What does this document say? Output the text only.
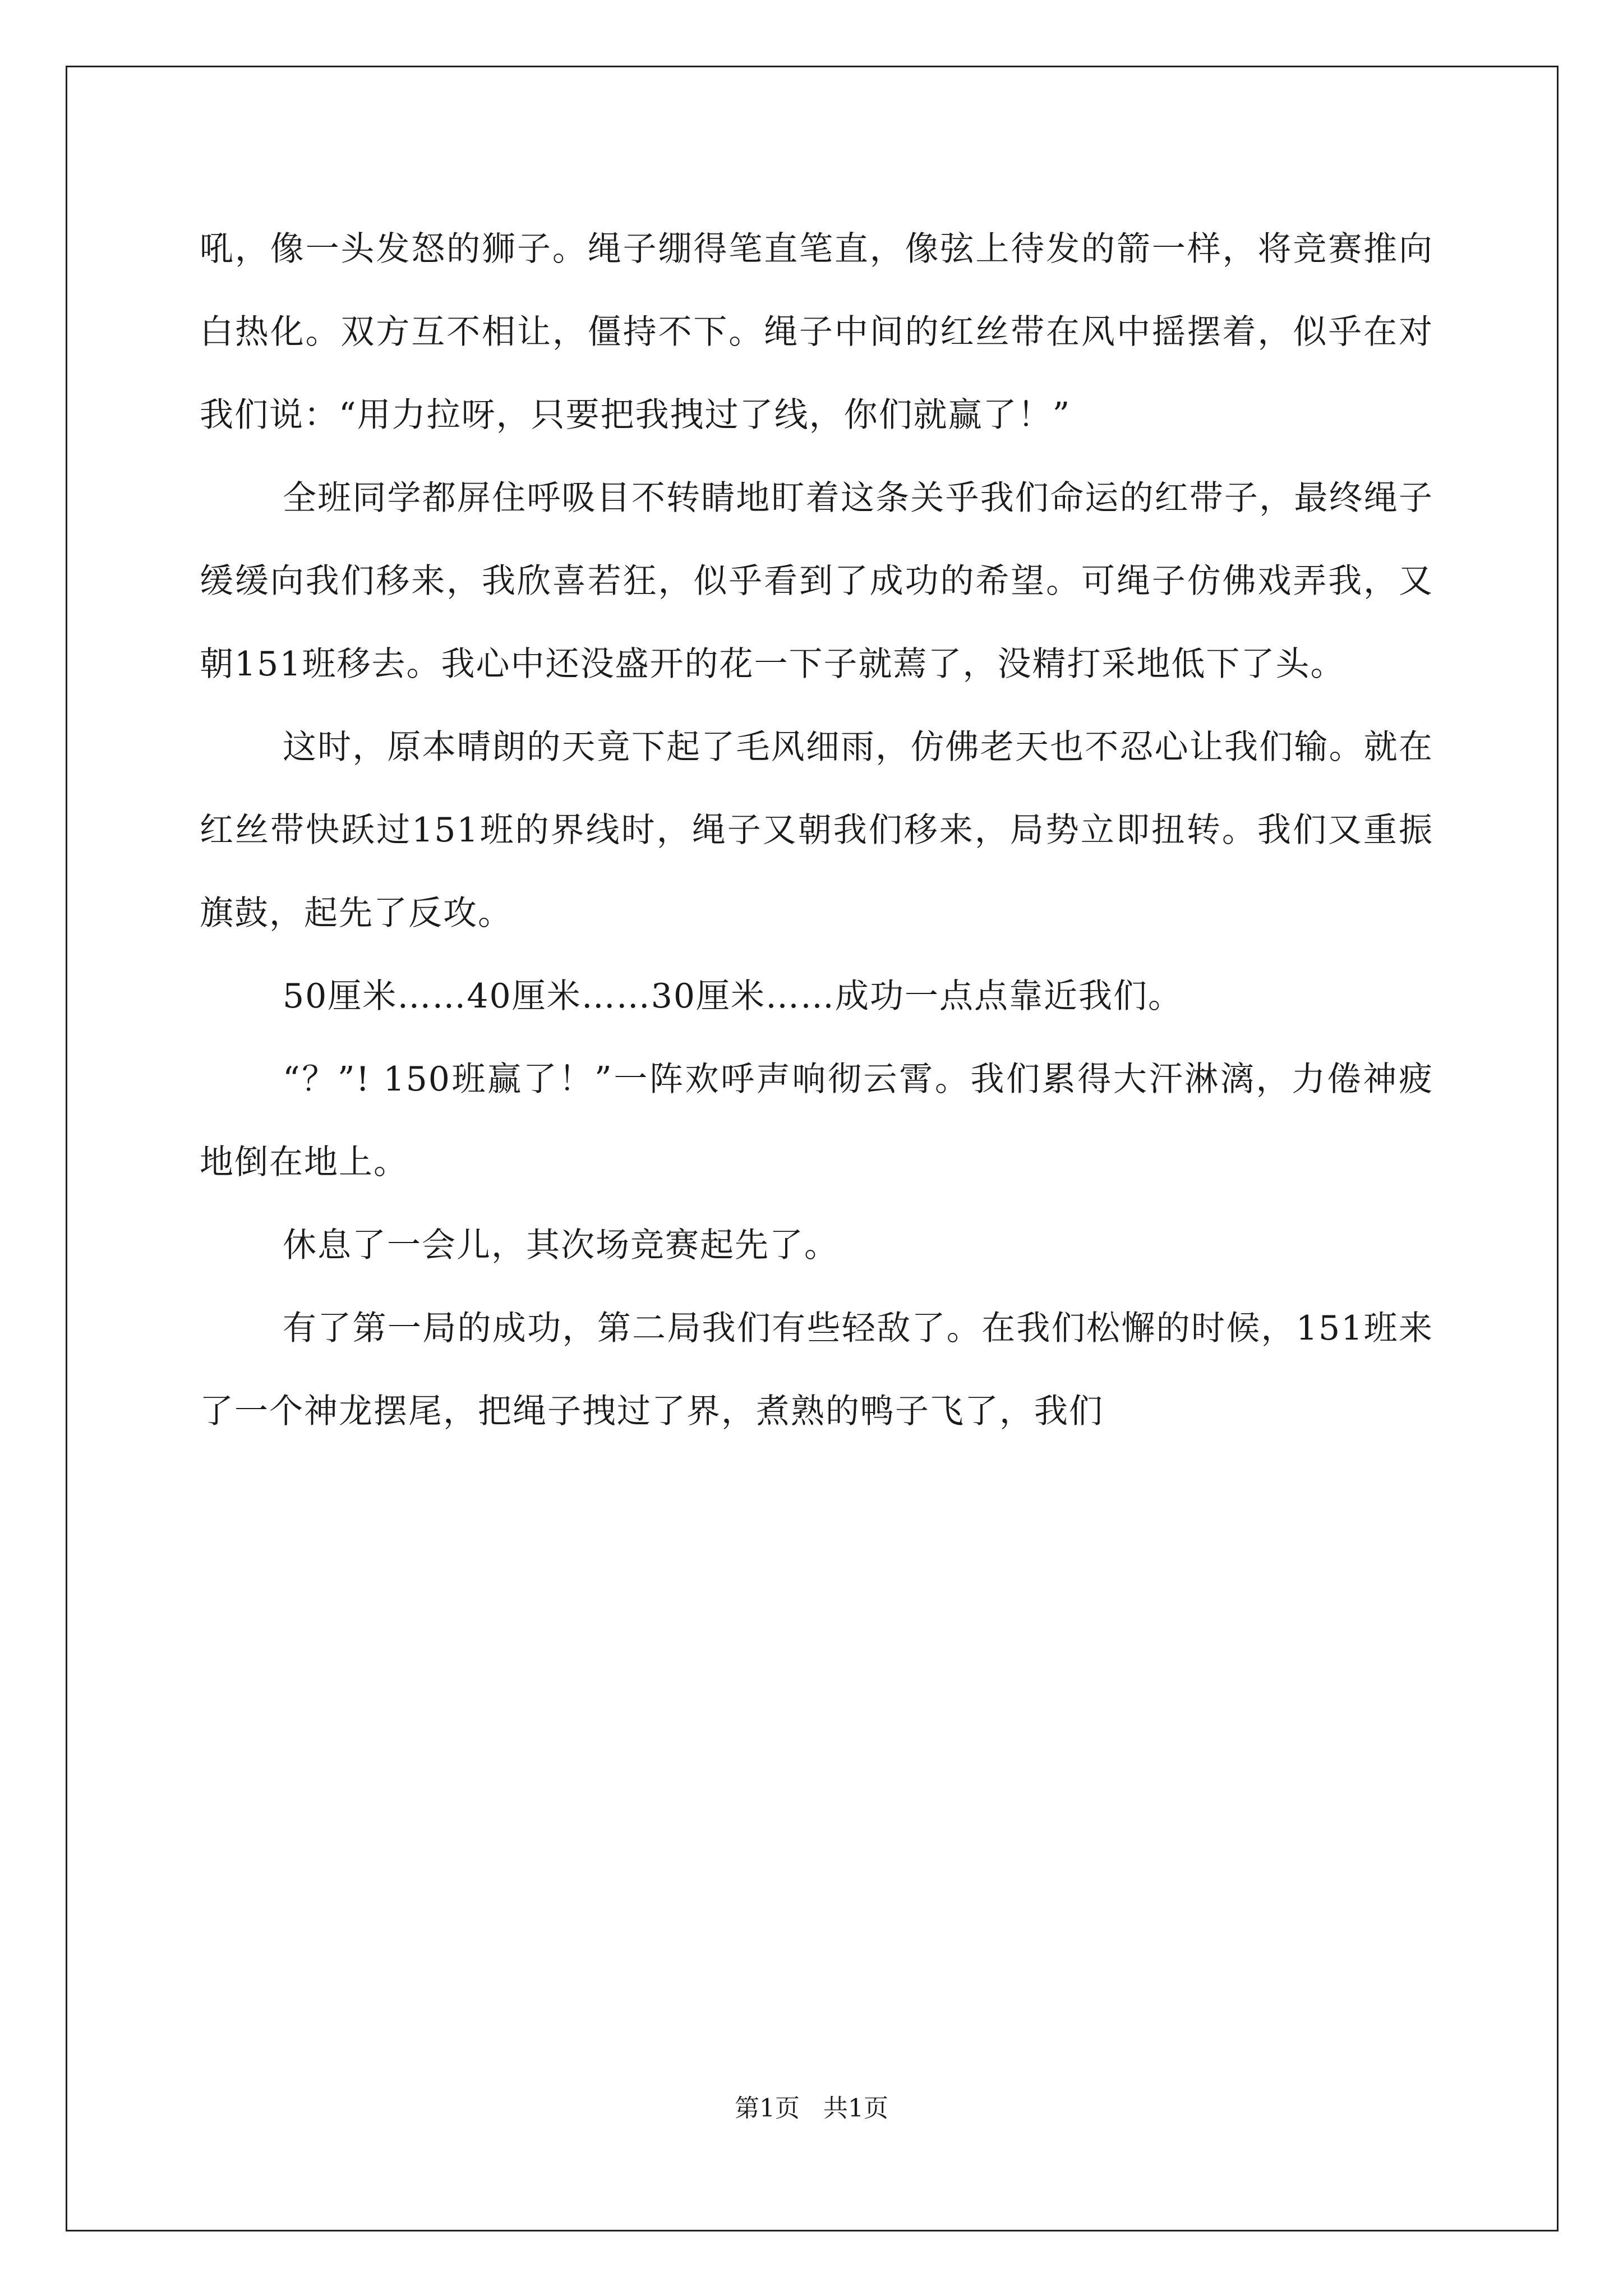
吼，像一头发怒的狮子。绳子绷得笔直笔直，像弦上待发的箭一样，将竞赛推向白热化。双方互不相让，僵持不下。绳子中间的红丝带在风中摇摆着，似乎在对我们说：“用力拉呀，只要把我拽过了线，你们就赢了！”

全班同学都屏住呼吸目不转睛地盯着这条关乎我们命运的红带子，最终绳子缓缓向我们移来，我欣喜若狂，似乎看到了成功的希望。可绳子仿佛戏弄我，又朝151班移去。我心中还没盛开的花一下子就蔫了，没精打采地低下了头。

这时，原本晴朗的天竟下起了毛风细雨，仿佛老天也不忍心让我们输。就在红丝带快跃过151班的界线时，绳子又朝我们移来，局势立即扭转。我们又重振旗鼓，起先了反攻。

50厘米……40厘米……30厘米……成功一点点靠近我们。

“？”! 150班赢了！”一阵欢呼声响彻云霄。我们累得大汗淋漓，力倦神疲地倒在地上。

休息了一会儿，其次场竞赛起先了。

有了第一局的成功，第二局我们有些轻敌了。在我们松懈的时候，151班来了一个神龙摆尾，把绳子拽过了界，煮熟的鸭子飞了，我们

第1页 共1页
